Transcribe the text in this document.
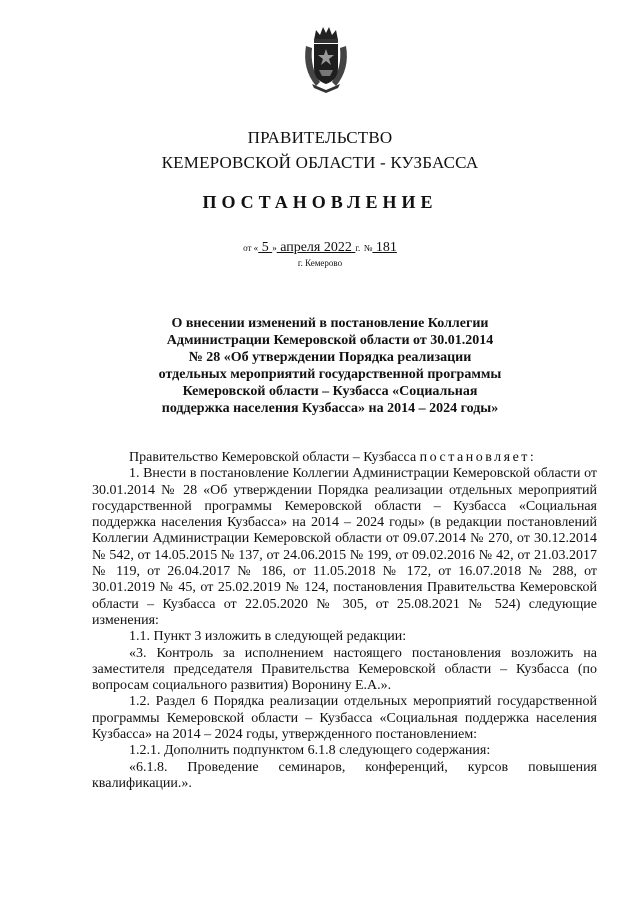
ПРАВИТЕЛЬСТВО
КЕМЕРОВСКОЙ ОБЛАСТИ - КУЗБАССА
ПОСТАНОВЛЕНИЕ
от « 5 » апреля 2022 г. № 181
г. Кемерово
О внесении изменений в постановление Коллегии
Администрации Кемеровской области от 30.01.2014
№ 28 «Об утверждении Порядка реализации
отдельных мероприятий государственной программы
Кемеровской области – Кузбасса «Социальная
поддержка населения Кузбасса» на 2014 – 2024 годы»

Правительство Кемеровской области – Кузбасса постановляет:

1. Внести в постановление Коллегии Администрации Кемеровской области от 30.01.2014 № 28 «Об утверждении Порядка реализации отдельных мероприятий государственной программы Кемеровской области – Кузбасса «Социальная поддержка населения Кузбасса» на 2014 – 2024 годы» (в редакции постановлений Коллегии Администрации Кемеровской области от 09.07.2014 № 270, от 30.12.2014 № 542, от 14.05.2015 № 137, от 24.06.2015 № 199, от 09.02.2016 № 42, от 21.03.2017 № 119, от 26.04.2017 № 186, от 11.05.2018 № 172, от 16.07.2018 № 288, от 30.01.2019 № 45, от 25.02.2019 № 124, постановления Правительства Кемеровской области – Кузбасса от 22.05.2020 № 305, от 25.08.2021 № 524) следующие изменения:

1.1. Пункт 3 изложить в следующей редакции:

«3. Контроль за исполнением настоящего постановления возложить на заместителя председателя Правительства Кемеровской области – Кузбасса (по вопросам социального развития) Воронину Е.А.».

1.2. Раздел 6 Порядка реализации отдельных мероприятий государственной программы Кемеровской области – Кузбасса «Социальная поддержка населения Кузбасса» на 2014 – 2024 годы, утвержденного постановлением:

1.2.1. Дополнить подпунктом 6.1.8 следующего содержания:

«6.1.8. Проведение семинаров, конференций, курсов повышения квалификации.».
